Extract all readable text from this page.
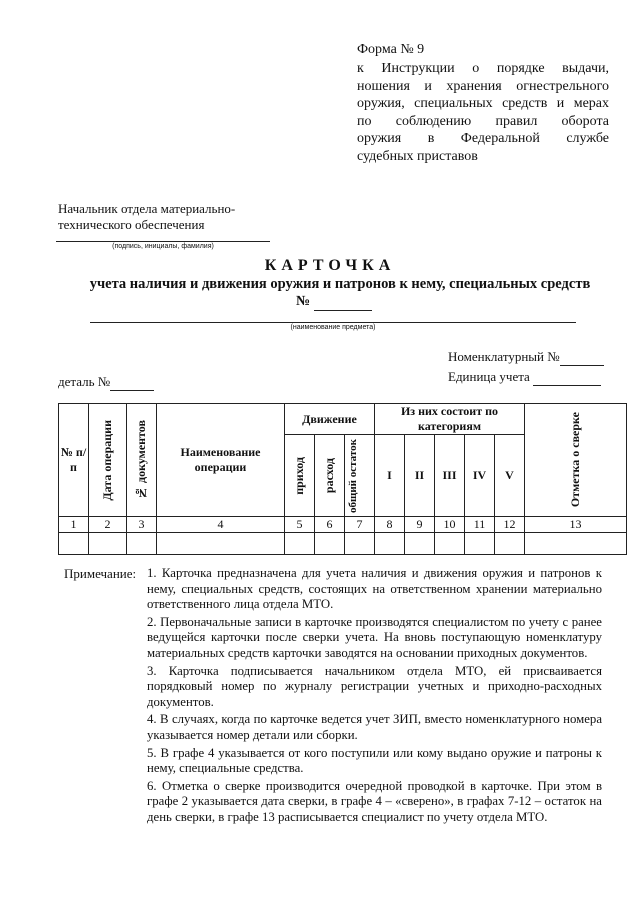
Форма № 9
к Инструкции о порядке выдачи,
ношения и хранения огнестрельного
оружия, специальных средств и мерах
по соблюдению правил оборота
оружия в Федеральной службе
судебных приставов
Начальник отдела материально-
технического обеспечения
(подпись, инициалы, фамилия)
КАРТОЧКА
учета наличия и движения оружия и патронов к нему, специальных средств
№
(наименование предмета)
Номенклатурный №
Единица учета
деталь №
№ п/п	Дата операции	№ документов	Наименование операции	Движение			Из них состоит по категориям					Отметка о сверке

				приход	расход	общий остаток	I	II	III	IV	V	
1	2	3	4	5	6	7	8	9	10	11	12	13

Примечание: 1. Карточка предназначена для учета наличия и движения оружия и патронов к нему, специальных средств, состоящих на ответственном хранении материально ответственного лица отдела МТО.

2. Первоначальные записи в карточке производятся специалистом по учету с ранее ведущейся карточки после сверки учета. На вновь поступающую номенклатуру материальных средств карточки заводятся на основании приходных документов.

3. Карточка подписывается начальником отдела МТО, ей присваивается порядковый номер по журналу регистрации учетных и приходно-расходных документов.

4. В случаях, когда по карточке ведется учет ЗИП, вместо номенклатурного номера указывается номер детали или сборки.

5. В графе 4 указывается от кого поступили или кому выдано оружие и патроны к нему, специальные средства.

6. Отметка о сверке производится очередной проводкой в карточке. При этом в графе 2 указывается дата сверки, в графе 4 – «сверено», в графах 7-12 – остаток на день сверки, в графе 13 расписывается специалист по учету отдела МТО.
